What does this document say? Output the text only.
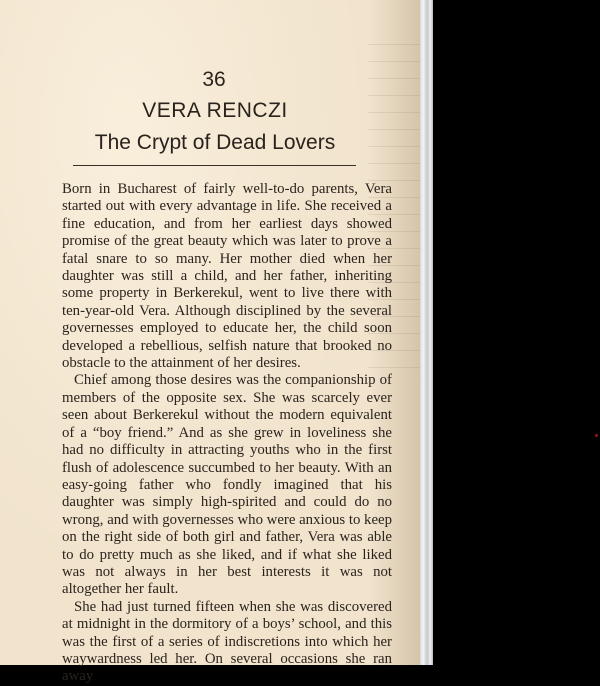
36
VERA RENCZI
The Crypt of Dead Lovers

Born in Bucharest of fairly well-to-do parents, Vera started out with every advantage in life. She received a fine education, and from her earliest days showed promise of the great beauty which was later to prove a fatal snare to so many. Her mother died when her daughter was still a child, and her father, inheriting some property in Berkerekul, went to live there with ten-year-old Vera. Although disciplined by the several governesses employed to educate her, the child soon developed a rebellious, selfish nature that brooked no obstacle to the attainment of her desires.

Chief among those desires was the companionship of members of the opposite sex. She was scarcely ever seen about Berkerekul without the modern equivalent of a “boy friend.” And as she grew in loveliness she had no difficulty in attracting youths who in the first flush of adolescence succumbed to her beauty. With an easy-going father who fondly imagined that his daughter was simply high-spirited and could do no wrong, and with governesses who were anxious to keep on the right side of both girl and father, Vera was able to do pretty much as she liked, and if what she liked was not always in her best interests it was not altogether her fault.

She had just turned fifteen when she was discovered at midnight in the dormitory of a boys’ school, and this was the first of a series of indiscretions into which her waywardness led her. On several occasions she ran away
